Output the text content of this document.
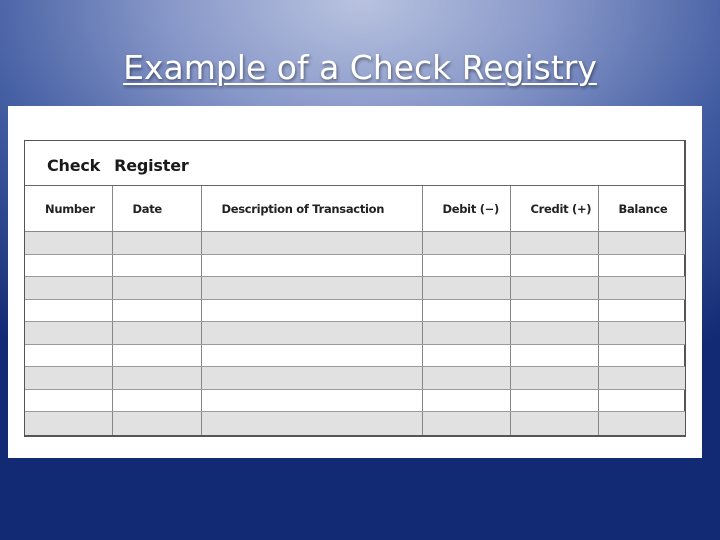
Example of a Check Registry
Check Register
Number	Date	Description of Transaction	Debit (−)	Credit (+)	Balance
